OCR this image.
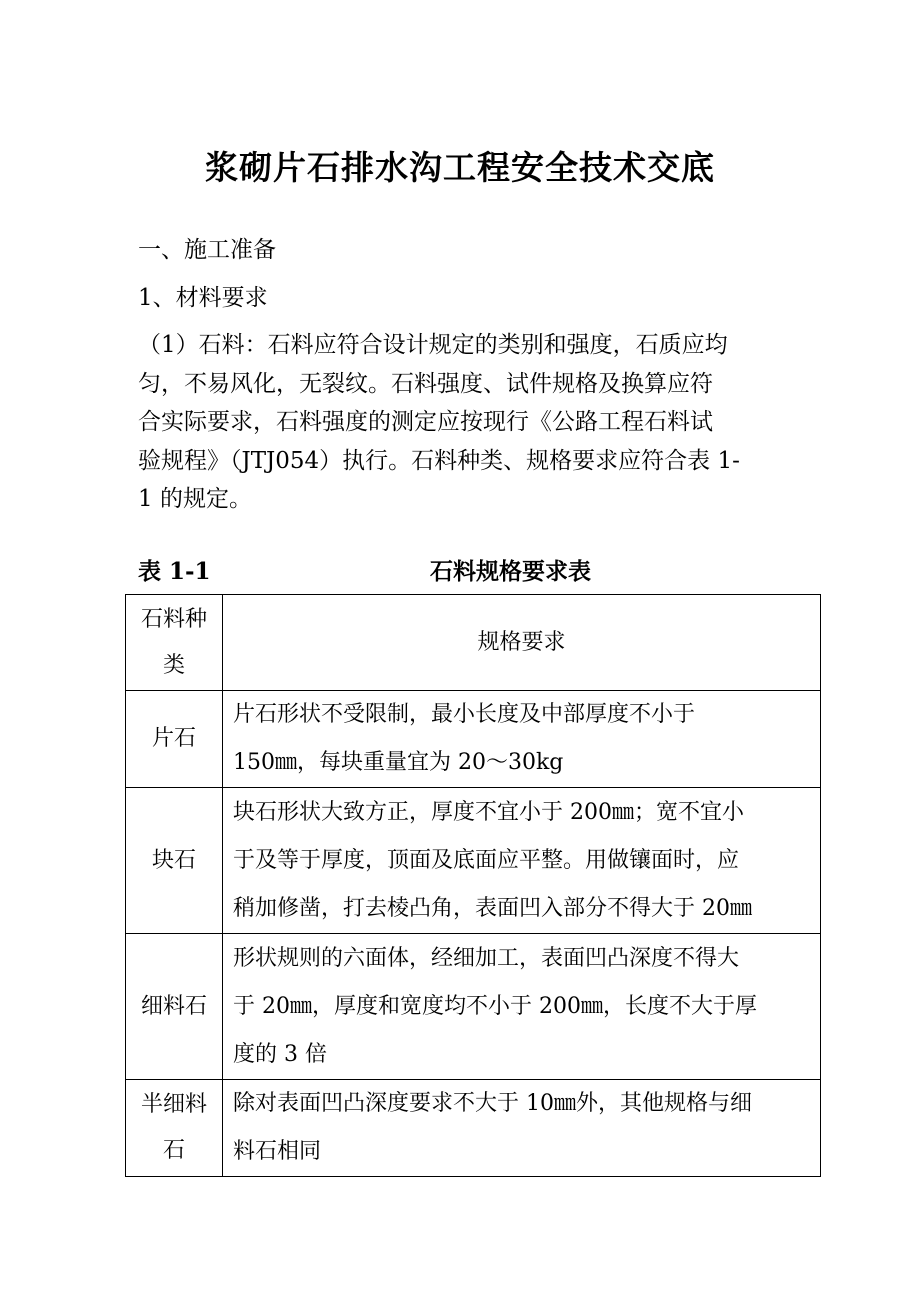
浆砌片石排水沟工程安全技术交底

一、施工准备

1、材料要求

（1）石料：石料应符合设计规定的类别和强度，石质应均
匀，不易风化，无裂纹。石料强度、试件规格及换算应符
合实际要求，石料强度的测定应按现行《公路工程石料试
验规程》（JTJ054）执行。石料种类、规格要求应符合表 1-
1 的规定。

表 1-1	石料规格要求表
石料种
类	规格要求

片石	片石形状不受限制，最小长度及中部厚度不小于
150㎜，每块重量宜为 20～30kg

块石	块石形状大致方正，厚度不宜小于 200㎜；宽不宜小
于及等于厚度，顶面及底面应平整。用做镶面时，应
稍加修凿，打去棱凸角，表面凹入部分不得大于 20㎜

细料石	形状规则的六面体，经细加工，表面凹凸深度不得大
于 20㎜，厚度和宽度均不小于 200㎜，长度不大于厚
度的 3 倍

半细料
石	除对表面凹凸深度要求不大于 10㎜外，其他规格与细
料石相同
